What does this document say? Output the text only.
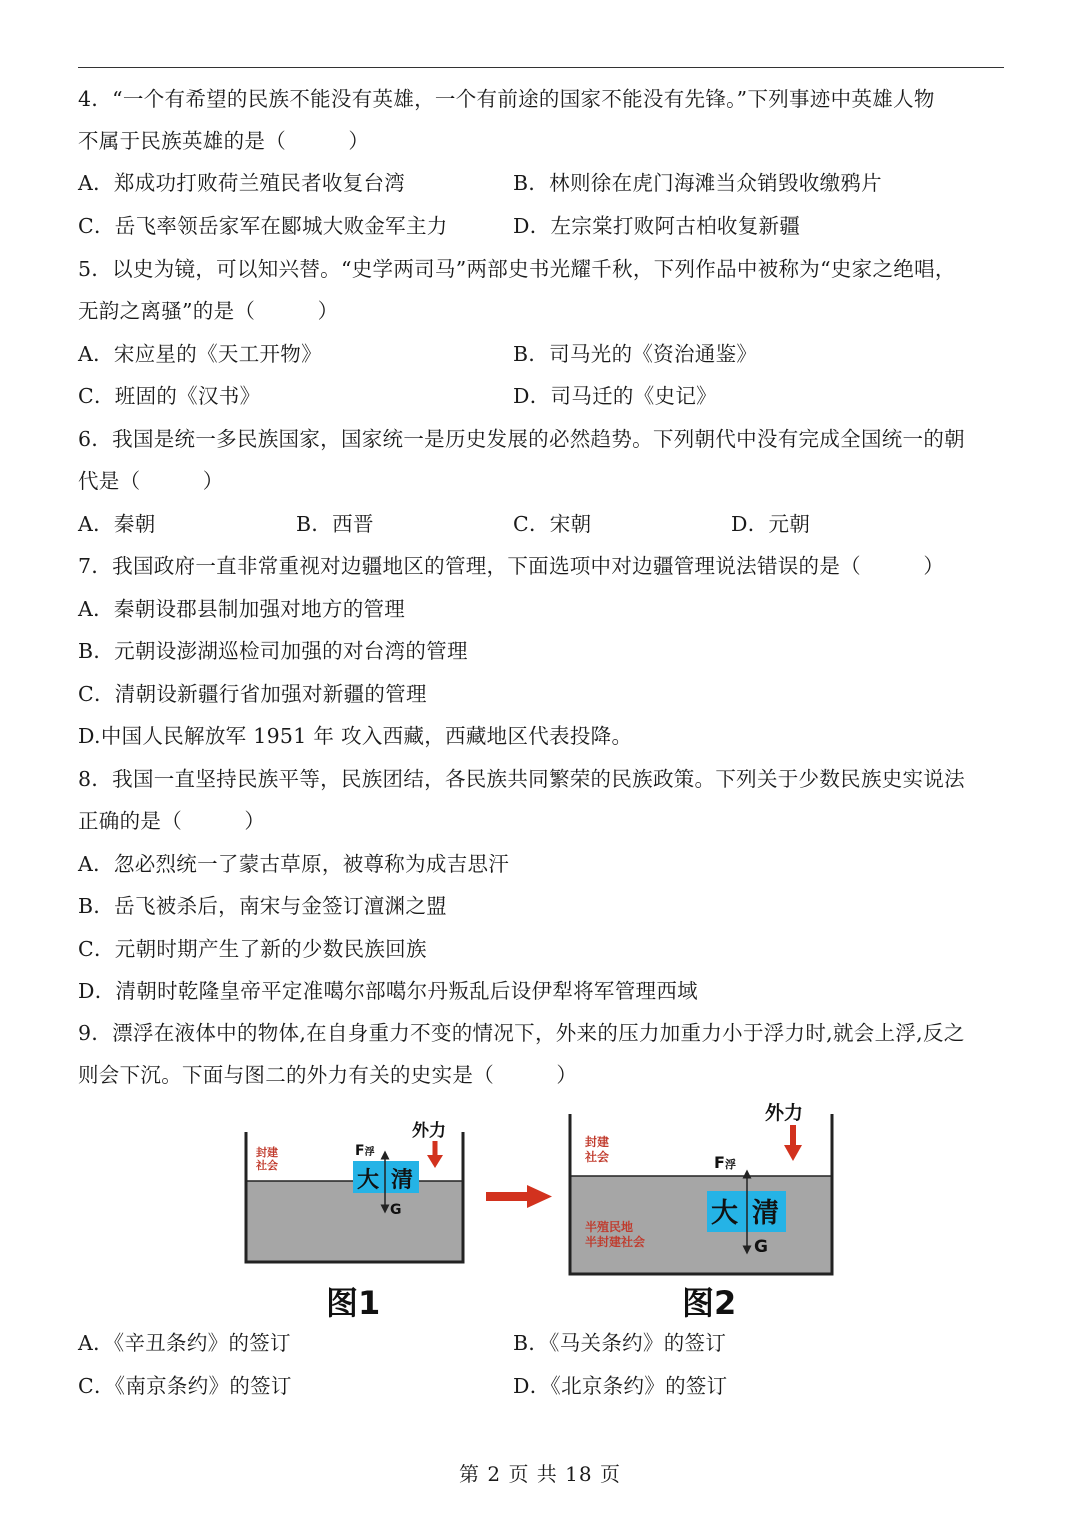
4．“一个有希望的民族不能没有英雄，一个有前途的国家不能没有先锋。”下列事迹中英雄人物
不属于民族英雄的是（　　　）
A．郑成功打败荷兰殖民者收复台湾	B．林则徐在虎门海滩当众销毁收缴鸦片
C．岳飞率领岳家军在郾城大败金军主力	D．左宗棠打败阿古柏收复新疆
5．以史为镜，可以知兴替。“史学两司马”两部史书光耀千秋，下列作品中被称为“史家之绝唱，
无韵之离骚”的是（　　　）
A．宋应星的《天工开物》	B．司马光的《资治通鉴》
C．班固的《汉书》	D．司马迁的《史记》
6．我国是统一多民族国家，国家统一是历史发展的必然趋势。下列朝代中没有完成全国统一的朝
代是（　　　）
A．秦朝	B．西晋	C．宋朝	D．元朝
7．我国政府一直非常重视对边疆地区的管理，下面选项中对边疆管理说法错误的是（　　　）
A．秦朝设郡县制加强对地方的管理
B．元朝设澎湖巡检司加强的对台湾的管理
C．清朝设新疆行省加强对新疆的管理
D.中国人民解放军 1951 年 攻入西藏，西藏地区代表投降。
8．我国一直坚持民族平等，民族团结，各民族共同繁荣的民族政策。下列关于少数民族史实说法
正确的是（　　　）
A．忽必烈统一了蒙古草原，被尊称为成吉思汗
B．岳飞被杀后，南宋与金签订澶渊之盟
C．元朝时期产生了新的少数民族回族
D．清朝时乾隆皇帝平定准噶尔部噶尔丹叛乱后设伊犁将军管理西域
9．漂浮在液体中的物体,在自身重力不变的情况下，外来的压力加重力小于浮力时,就会上浮,反之
则会下沉。下面与图二的外力有关的史实是（　　　）
封建
社会
大 清
F浮
G
外力
图1
封建
社会
半殖民地
半封建社会
大 清
F浮
G
外力
图2
A．《辛丑条约》的签订	B．《马关条约》的签订
C．《南京条约》的签订	D．《北京条约》的签订
第 2 页 共 18 页
